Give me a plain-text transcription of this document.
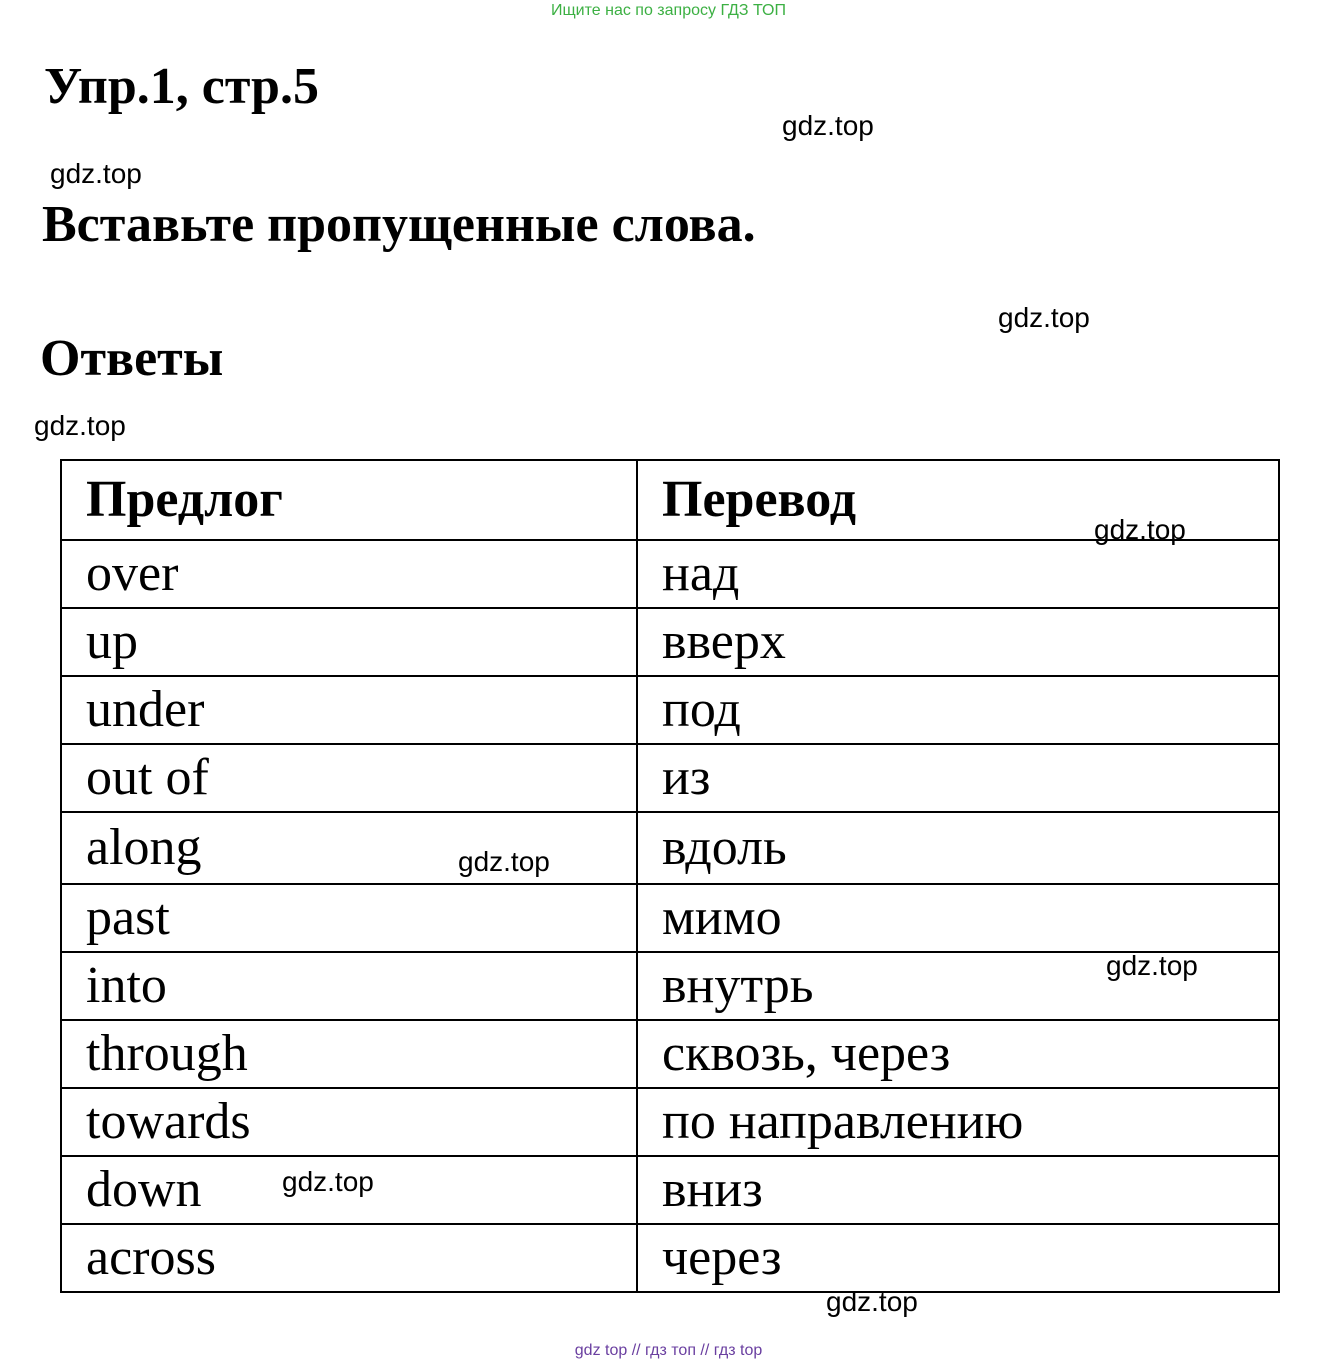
Ищите нас по запросу ГДЗ ТОП
Упр.1, стр.5
gdz.top
gdz.top
Вставьте пропущенные слова.
gdz.top
Ответы
gdz.top
Предлог	Перевод
over	над
up	вверх
under	под
out of	из
along	вдоль
past	мимо
into	внутрь
through	сквозь, через
towards	по направлению
down	вниз
across	через
gdz.top
gdz.top
gdz.top
gdz.top
gdz.top
gdz top // гдз топ // гдз top
